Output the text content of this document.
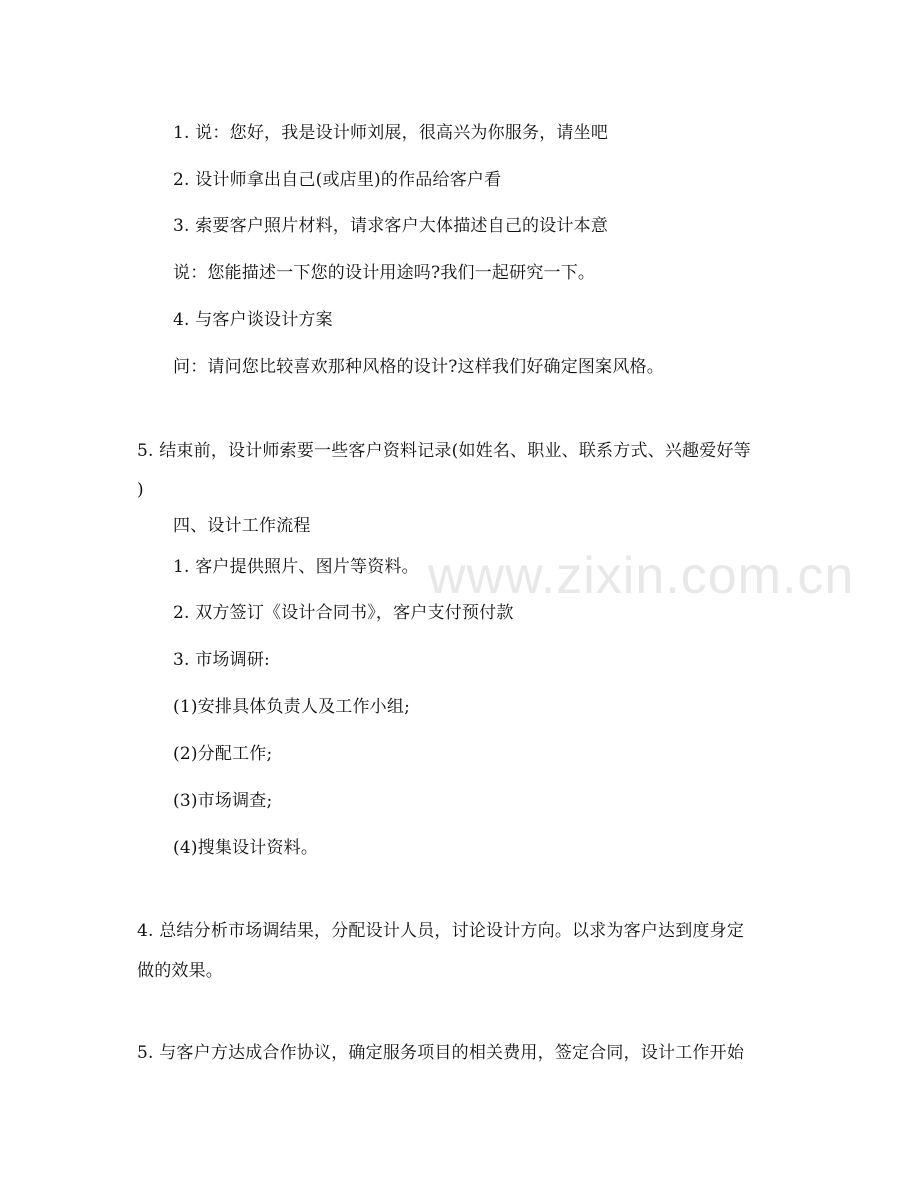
1. 说：您好，我是设计师刘展，很高兴为你服务，请坐吧
2. 设计师拿出自己(或店里)的作品给客户看
3. 索要客户照片材料，请求客户大体描述自己的设计本意
说：您能描述一下您的设计用途吗?我们一起研究一下。
4. 与客户谈设计方案
问：请问您比较喜欢那种风格的设计?这样我们好确定图案风格。
5. 结束前，设计师索要一些客户资料记录(如姓名、职业、联系方式、兴趣爱好等
)
四、设计工作流程
1. 客户提供照片、图片等资料。
2. 双方签订《设计合同书》，客户支付预付款
3. 市场调研:
(1)安排具体负责人及工作小组;
(2)分配工作;
(3)市场调查;
(4)搜集设计资料。
4. 总结分析市场调结果，分配设计人员，讨论设计方向。以求为客户达到度身定
做的效果。
5. 与客户方达成合作协议，确定服务项目的相关费用，签定合同，设计工作开始
www.zixin.com.cn
